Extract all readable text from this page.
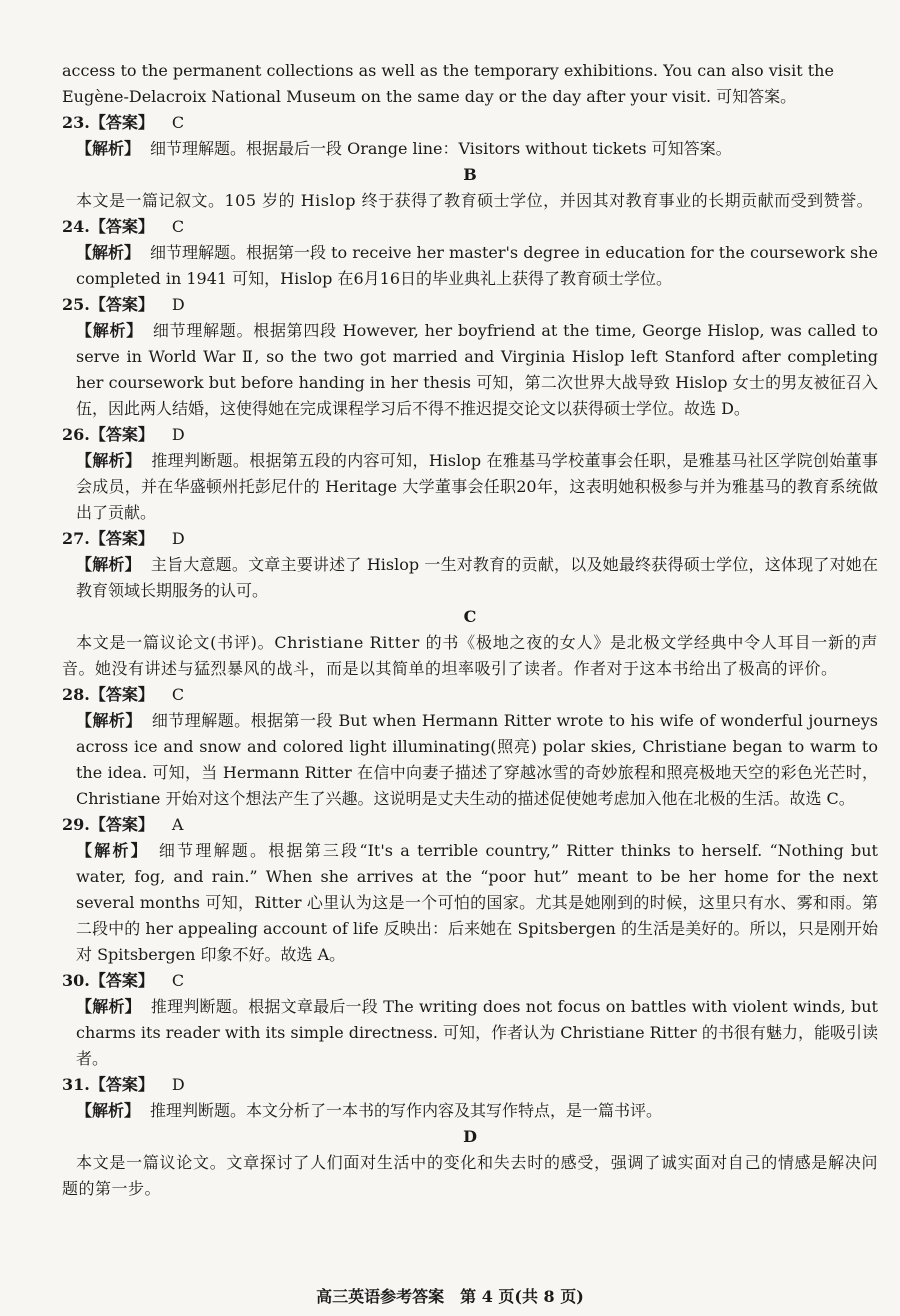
access to the permanent collections as well as the temporary exhibitions. You can also visit the
Eugène-Delacroix National Museum on the same day or the day after your visit. 可知答案。

23.【答案】 C

【解析】 细节理解题。根据最后一段 Orange line：Visitors without tickets 可知答案。

B

本文是一篇记叙文。105 岁的 Hislop 终于获得了教育硕士学位，并因其对教育事业的长期贡献而受到赞誉。

24.【答案】 C

【解析】 细节理解题。根据第一段 to receive her master's degree in education for the coursework she completed in 1941 可知，Hislop 在6月16日的毕业典礼上获得了教育硕士学位。

25.【答案】 D

【解析】 细节理解题。根据第四段 However, her boyfriend at the time, George Hislop, was called to serve in World War Ⅱ, so the two got married and Virginia Hislop left Stanford after completing her coursework but before handing in her thesis 可知，第二次世界大战导致 Hislop 女士的男友被征召入伍，因此两人结婚，这使得她在完成课程学习后不得不推迟提交论文以获得硕士学位。故选 D。

26.【答案】 D

【解析】 推理判断题。根据第五段的内容可知，Hislop 在雅基马学校董事会任职，是雅基马社区学院创始董事会成员，并在华盛顿州托彭尼什的 Heritage 大学董事会任职20年，这表明她积极参与并为雅基马的教育系统做出了贡献。

27.【答案】 D

【解析】 主旨大意题。文章主要讲述了 Hislop 一生对教育的贡献，以及她最终获得硕士学位，这体现了对她在教育领域长期服务的认可。

C

本文是一篇议论文(书评)。Christiane Ritter 的书《极地之夜的女人》是北极文学经典中令人耳目一新的声音。她没有讲述与猛烈暴风的战斗，而是以其简单的坦率吸引了读者。作者对于这本书给出了极高的评价。

28.【答案】 C

【解析】 细节理解题。根据第一段 But when Hermann Ritter wrote to his wife of wonderful journeys across ice and snow and colored light illuminating(照亮) polar skies, Christiane began to warm to the idea. 可知，当 Hermann Ritter 在信中向妻子描述了穿越冰雪的奇妙旅程和照亮极地天空的彩色光芒时，Christiane 开始对这个想法产生了兴趣。这说明是丈夫生动的描述促使她考虑加入他在北极的生活。故选 C。

29.【答案】 A

【解析】 细节理解题。根据第三段“It's a terrible country,” Ritter thinks to herself. “Nothing but water, fog, and rain.” When she arrives at the “poor hut” meant to be her home for the next several months 可知，Ritter 心里认为这是一个可怕的国家。尤其是她刚到的时候，这里只有水、雾和雨。第二段中的 her appealing account of life 反映出：后来她在 Spitsbergen 的生活是美好的。所以，只是刚开始对 Spitsbergen 印象不好。故选 A。

30.【答案】 C

【解析】 推理判断题。根据文章最后一段 The writing does not focus on battles with violent winds, but charms its reader with its simple directness. 可知，作者认为 Christiane Ritter 的书很有魅力，能吸引读者。

31.【答案】 D

【解析】 推理判断题。本文分析了一本书的写作内容及其写作特点，是一篇书评。

D

本文是一篇议论文。文章探讨了人们面对生活中的变化和失去时的感受，强调了诚实面对自己的情感是解决问题的第一步。

高三英语参考答案　第 4 页(共 8 页)
